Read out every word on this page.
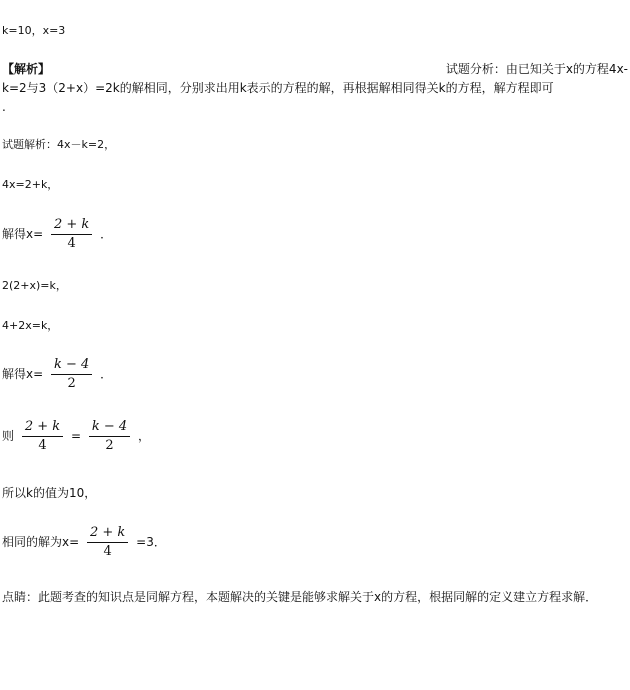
k=10，x=3
【解析】	试题分析：由已知关于x的方程4x-
k=2与3（2+x）=2k的解相同，分别求出用k表示的方程的解，再根据解相同得关k的方程，解方程即可
.
试题解析：4x－k=2，
4x=2+k，
解得$x= \frac{2 + k}{4}$ ．
2(2+x)=k，
4+2x=k，
解得$x= \frac{k - 4}{2}$ ．
则 $\frac{2 + k}{4} = \frac{k - 4}{2}$ ，
所以k的值为10，
相同的解为$x= \frac{2 + k}{4} =3$．
点睛：此题考查的知识点是同解方程，本题解决的关键是能够求解关于x的方程，根据同解的定义建立方程求解．
